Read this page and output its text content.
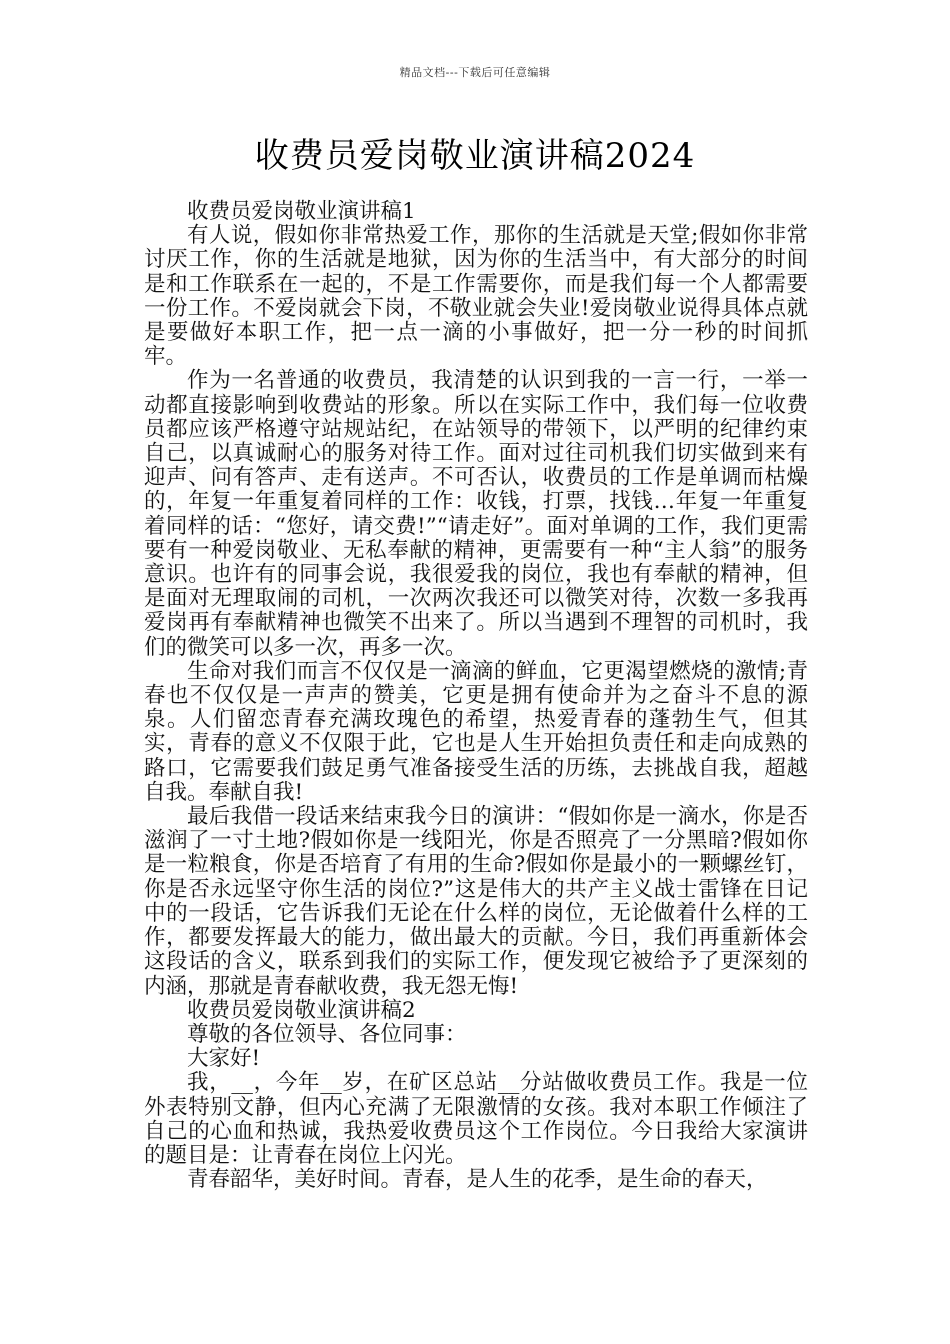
精品文档---下载后可任意编辑
收费员爱岗敬业演讲稿2024

收费员爱岗敬业演讲稿1

有人说，假如你非常热爱工作，那你的生活就是天堂;假如你非常讨厌工作，你的生活就是地狱，因为你的生活当中，有大部分的时间是和工作联系在一起的，不是工作需要你，而是我们每一个人都需要一份工作。不爱岗就会下岗，不敬业就会失业!爱岗敬业说得具体点就是要做好本职工作，把一点一滴的小事做好，把一分一秒的时间抓牢。

作为一名普通的收费员，我清楚的认识到我的一言一行，一举一动都直接影响到收费站的形象。所以在实际工作中，我们每一位收费员都应该严格遵守站规站纪，在站领导的带领下，以严明的纪律约束自己，以真诚耐心的服务对待工作。面对过往司机我们切实做到来有迎声、问有答声、走有送声。不可否认，收费员的工作是单调而枯燥的，年复一年重复着同样的工作：收钱，打票，找钱…年复一年重复着同样的话：“您好，请交费!”“请走好”。面对单调的工作，我们更需要有一种爱岗敬业、无私奉献的精神，更需要有一种“主人翁”的服务意识。也许有的同事会说，我很爱我的岗位，我也有奉献的精神，但是面对无理取闹的司机，一次两次我还可以微笑对待，次数一多我再爱岗再有奉献精神也微笑不出来了。所以当遇到不理智的司机时，我们的微笑可以多一次，再多一次。

生命对我们而言不仅仅是一滴滴的鲜血，它更渴望燃烧的激情;青春也不仅仅是一声声的赞美，它更是拥有使命并为之奋斗不息的源泉。人们留恋青春充满玫瑰色的希望，热爱青春的蓬勃生气，但其实，青春的意义不仅限于此，它也是人生开始担负责任和走向成熟的路口，它需要我们鼓足勇气准备接受生活的历练，去挑战自我，超越自我。奉献自我!

最后我借一段话来结束我今日的演讲：“假如你是一滴水，你是否滋润了一寸土地?假如你是一线阳光，你是否照亮了一分黑暗?假如你是一粒粮食，你是否培育了有用的生命?假如你是最小的一颗螺丝钉，你是否永远坚守你生活的岗位?”这是伟大的共产主义战士雷锋在日记中的一段话，它告诉我们无论在什么样的岗位，无论做着什么样的工作，都要发挥最大的能力，做出最大的贡献。今日，我们再重新体会这段话的含义，联系到我们的实际工作，便发现它被给予了更深刻的内涵，那就是青春献收费，我无怨无悔!

收费员爱岗敬业演讲稿2

尊敬的各位领导、各位同事：

大家好!

我，__，今年__岁，在矿区总站__分站做收费员工作。我是一位外表特别文静，但内心充满了无限激情的女孩。我对本职工作倾注了自己的心血和热诚，我热爱收费员这个工作岗位。今日我给大家演讲的题目是：让青春在岗位上闪光。

青春韶华，美好时间。青春，是人生的花季，是生命的春天，
